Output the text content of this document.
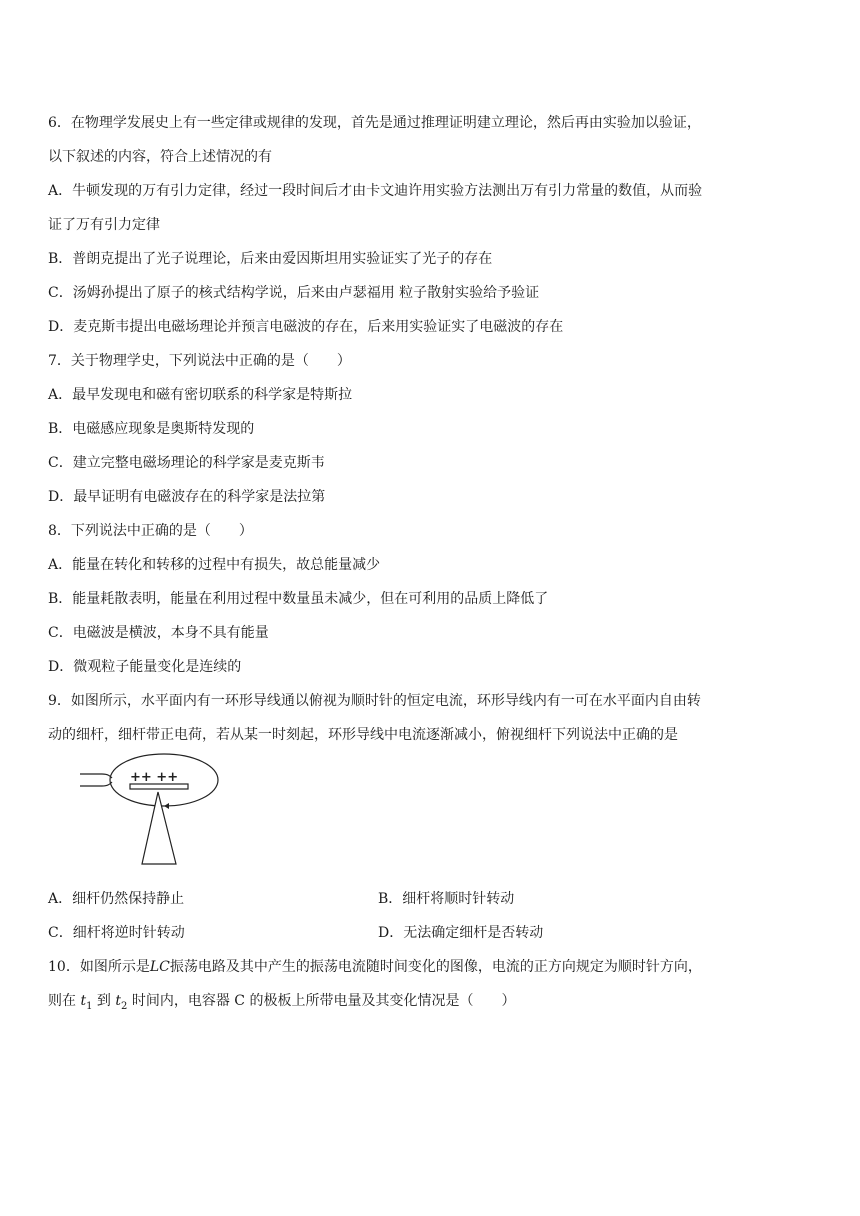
6．在物理学发展史上有一些定律或规律的发现，首先是通过推理证明建立理论，然后再由实验加以验证，
以下叙述的内容，符合上述情况的有
A．牛顿发现的万有引力定律，经过一段时间后才由卡文迪许用实验方法测出万有引力常量的数值，从而验
证了万有引力定律
B．普朗克提出了光子说理论，后来由爱因斯坦用实验证实了光子的存在
C．汤姆孙提出了原子的核式结构学说，后来由卢瑟福用 粒子散射实验给予验证
D．麦克斯韦提出电磁场理论并预言电磁波的存在，后来用实验证实了电磁波的存在
7．关于物理学史，下列说法中正确的是（　　）
A．最早发现电和磁有密切联系的科学家是特斯拉
B．电磁感应现象是奥斯特发现的
C．建立完整电磁场理论的科学家是麦克斯韦
D．最早证明有电磁波存在的科学家是法拉第
8．下列说法中正确的是（　　）
A．能量在转化和转移的过程中有损失，故总能量减少
B．能量耗散表明，能量在利用过程中数量虽未减少，但在可利用的品质上降低了
C．电磁波是横波，本身不具有能量
D．微观粒子能量变化是连续的
9．如图所示，水平面内有一环形导线通以俯视为顺时针的恒定电流，环形导线内有一可在水平面内自由转
动的细杆，细杆带正电荷，若从某一时刻起，环形导线中电流逐渐减小，俯视细杆下列说法中正确的是
++ ++
A．细杆仍然保持静止	B．细杆将顺时针转动
C．细杆将逆时针转动	D．无法确定细杆是否转动
10．如图所示是LC振荡电路及其中产生的振荡电流随时间变化的图像，电流的正方向规定为顺时针方向，
则在 $t_1$ 到 $t_2$ 时间内，电容器 C 的极板上所带电量及其变化情况是（　　）
